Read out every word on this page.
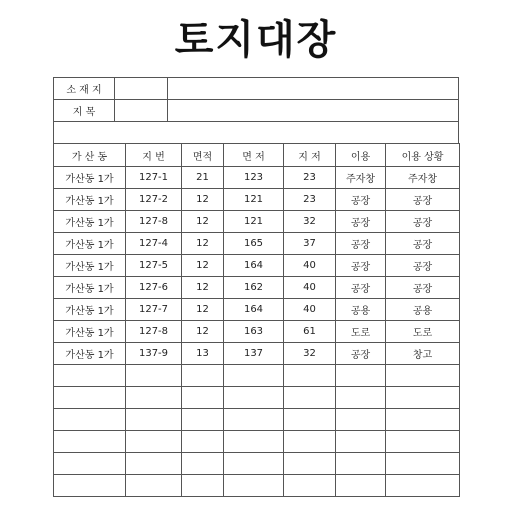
토지대장
소 재 지		
지 목		
가 산 동	지 번	면적	면 저	지 저	이용	이용 상황
가산동 1가	127-1	21	123	23	주자창	주자창
가산동 1가	127-2	12	121	23	공장	공장
가산동 1가	127-8	12	121	32	공장	공장
가산동 1가	127-4	12	165	37	공장	공장
가산동 1가	127-5	12	164	40	공장	공장
가산동 1가	127-6	12	162	40	공장	공장
가산동 1가	127-7	12	164	40	공용	공용
가산동 1가	127-8	12	163	61	도로	도로
가산동 1가	137-9	13	137	32	공장	창고
